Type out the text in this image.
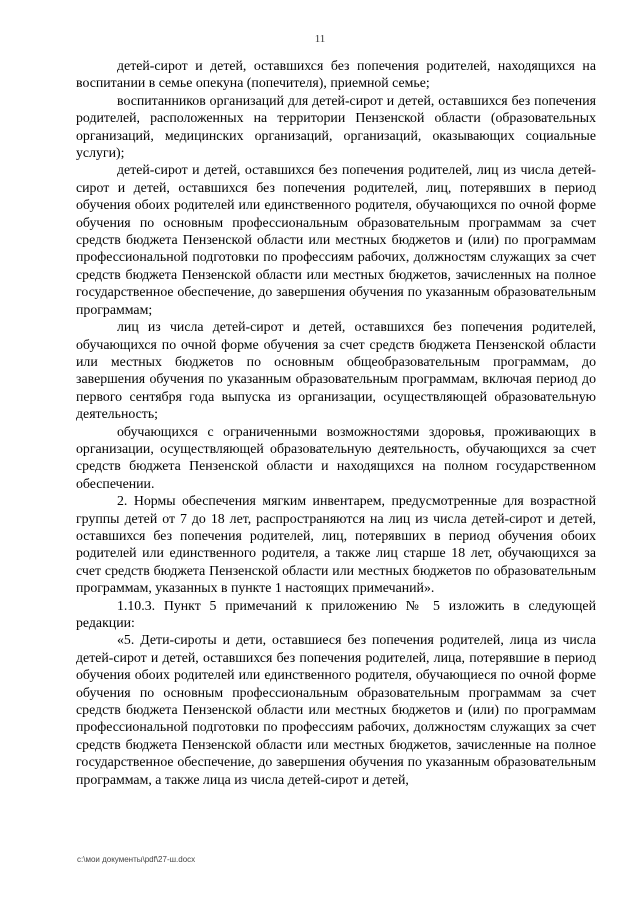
11

детей-сирот и детей, оставшихся без попечения родителей, находящихся на воспитании в семье опекуна (попечителя), приемной семье;

воспитанников организаций для детей-сирот и детей, оставшихся без попечения родителей, расположенных на территории Пензенской области (образовательных организаций, медицинских организаций, организаций, оказывающих социальные услуги);

детей-сирот и детей, оставшихся без попечения родителей, лиц из числа детей-сирот и детей, оставшихся без попечения родителей, лиц, потерявших в период обучения обоих родителей или единственного родителя, обучающихся по очной форме обучения по основным профессиональным образовательным программам за счет средств бюджета Пензенской области или местных бюджетов и (или) по программам профессиональной подготовки по профессиям рабочих, должностям служащих за счет средств бюджета Пензенской области или местных бюджетов, зачисленных на полное государственное обеспечение, до завершения обучения по указанным образовательным программам;

лиц из числа детей-сирот и детей, оставшихся без попечения родителей, обучающихся по очной форме обучения за счет средств бюджета Пензенской области или местных бюджетов по основным общеобразовательным программам, до завершения обучения по указанным образовательным программам, включая период до первого сентября года выпуска из организации, осуществляющей образовательную деятельность;

обучающихся с ограниченными возможностями здоровья, проживающих в организации, осуществляющей образовательную деятельность, обучающихся за счет средств бюджета Пензенской области и находящихся на полном государственном обеспечении.

2. Нормы обеспечения мягким инвентарем, предусмотренные для возрастной группы детей от 7 до 18 лет, распространяются на лиц из числа детей-сирот и детей, оставшихся без попечения родителей, лиц, потерявших в период обучения обоих родителей или единственного родителя, а также лиц старше 18 лет, обучающихся за счет средств бюджета Пензенской области или местных бюджетов по образовательным программам, указанных в пункте 1 настоящих примечаний».

1.10.3. Пункт 5 примечаний к приложению № 5 изложить в следующей редакции:

«5. Дети-сироты и дети, оставшиеся без попечения родителей, лица из числа детей-сирот и детей, оставшихся без попечения родителей, лица, потерявшие в период обучения обоих родителей или единственного родителя, обучающиеся по очной форме обучения по основным профессиональным образовательным программам за счет средств бюджета Пензенской области или местных бюджетов и (или) по программам профессиональной подготовки по профессиям рабочих, должностям служащих за счет средств бюджета Пензенской области или местных бюджетов, зачисленные на полное государственное обеспечение, до завершения обучения по указанным образовательным программам, а также лица из числа детей-сирот и детей,

c:\мои документы\pdf\27-ш.docx
